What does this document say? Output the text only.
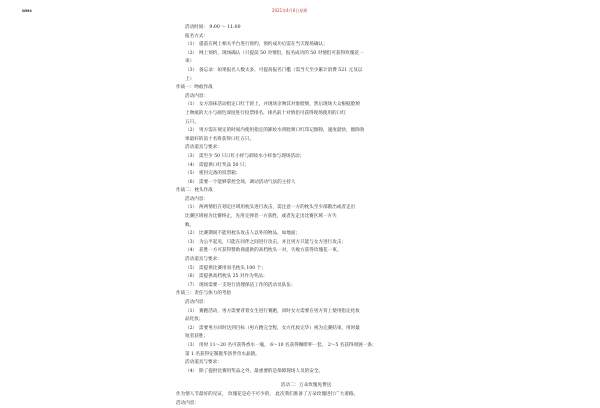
WM4	2021年4月6日星期
活动时间： 9:00 ～ 11:00
报名方式：
（1） 提前在网上相关平台进行预约，预约成功后需在当天现场确认；
（2） 网上预约，现场确认（只提前 50 对情侣，报名成功的 50 对情侣可获得玫瑰花一
束）
（3） 备忘录：如果报名人数太多，可提高报名门槛（需当天至少累计消费 521 元及以
上）
作战一：吻痕作战
活动内容：
（1） 女方涂抹活动指定口红于唇上，并现场亲吻其对象脸颊，然后现场大众根据脸颊
上吻痕的大小与颜色深度进行投票排名，排名前十对情侣可获得现场使用的口红
五只。
（2） 男方需在规定的时间内使用指定的卸妆水将脸颊口红印记擦除，速度最快，擦除效
果最好的前十名将获得口红五只。
活动道具与要求：
（3） 需至少 50 只口红小样与卸妆水小样参与现场活动；
（4） 需提供口红奖品 50 只；
（5） 密封完备的投票箱；
（6） 需要一个能够掌控全场，调动活动气氛的主持人
作战二：枕头作战
活动内容：
（1） 两两情侣在划定区域用枕头进行攻击，需注意一方的枕头至少部散出或者走出
比赛区域视为比赛终止，先用完弹者一方获胜，或者先走出比赛区域一方失
败。
（2） 比赛期间不能用枕头攻击人以外的物品，如地面；
（3） 为公平起见，只能在同伴之间进行攻击，并且男方只能与女方进行攻击；
（4） 获胜一方可获得赞助商提供的高档枕头一对，失败方获得玫瑰花一束。
活动道具与要求：
（5） 需提供比赛用羽毛枕头 100 个；
（6） 需提供高档枕头 25 对作为奖品；
（7） 现场需要一支进行清理保洁工作的活动员队伍；
作战三：责任与体力的考验
活动内容：
（1） 赛跑活动，男方需要背着女生进行赛跑，同时女方需要在男方背上使用指定化妆
品化妆；
（2） 需要男方同时达到目标（男方跑完全程，女方化妆完毕）视为完赛结束，用时最
短者获胜；
（3） 用时 11～20 名可获得香水一瓶， 6～10 名获得咖啡杯一套， 2～5 名获得项链一条；
第 1 名获得定制施华洛世奇水晶链。
活动道具与要求：
（4） 除了提供比赛用奖品之外，最重要的是保障现场人员的安全。
活动二：万朵玫瑰免费送
作为情人节最好的见证， 玫瑰花是必不可少的， 此次我们准备了万朵玫瑰进行广大谱路。
活动内容：
